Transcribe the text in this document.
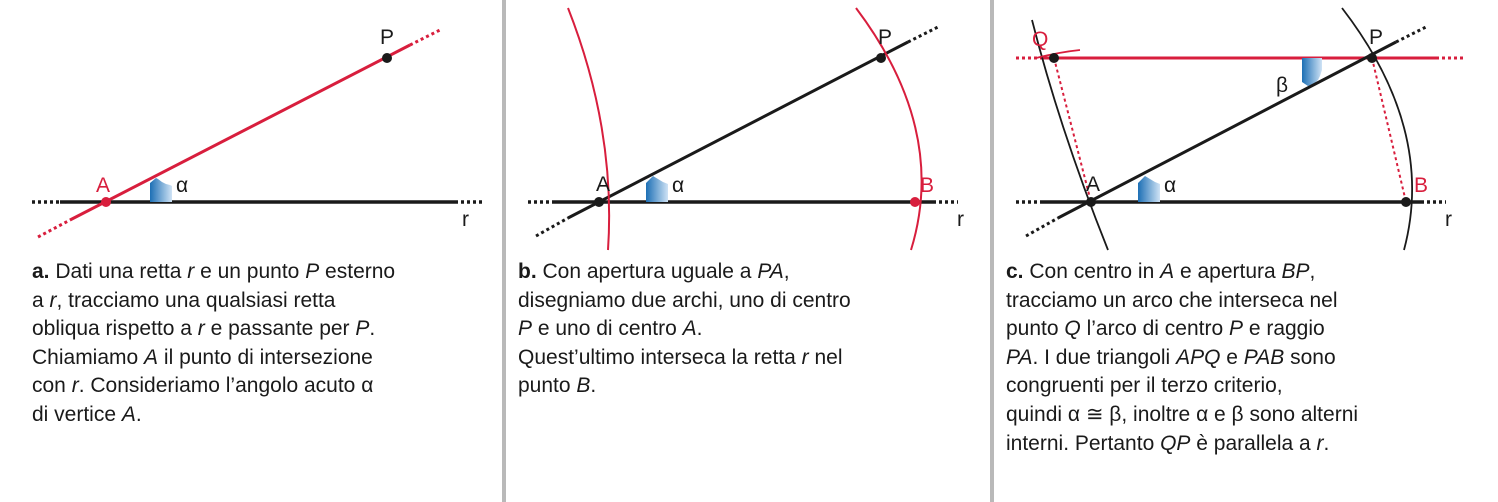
P
A	α
r
a. Dati una retta r e un punto P esterno
a r, tracciamo una qualsiasi retta
obliqua rispetto a r e passante per P.
Chiamiamo A il punto di intersezione
con r. Consideriamo l’angolo acuto α
di vertice A.
P
A	α	B
r
b. Con apertura uguale a PA,
disegniamo due archi, uno di centro
P e uno di centro A.
Quest’ultimo interseca la retta r nel
punto B.
Q	P
β
A	α	B
r
c. Con centro in A e apertura BP,
tracciamo un arco che interseca nel
punto Q l’arco di centro P e raggio
PA. I due triangoli APQ e PAB sono
congruenti per il terzo criterio,
quindi α ≅ β, inoltre α e β sono alterni
interni. Pertanto QP è parallela a r.
